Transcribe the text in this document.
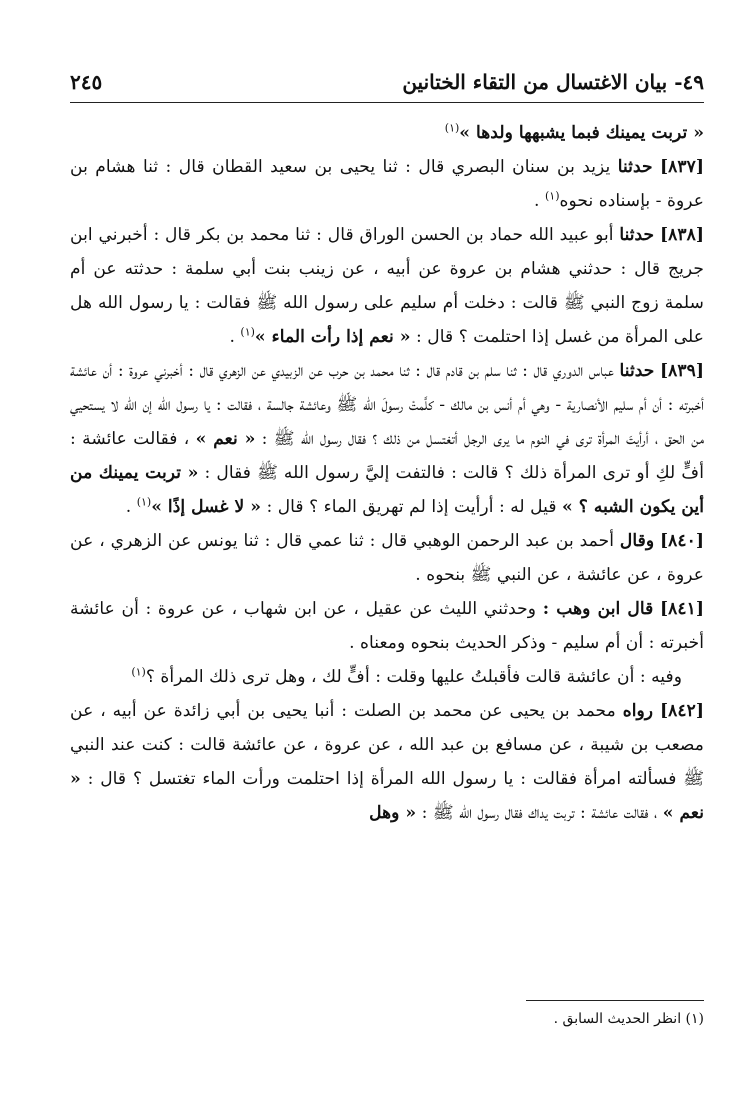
٤٩- بيان الاغتسال من التقاء الختانين
٢٤٥

« تربت يمينك فبما يشبهها ولدها »$^{(١)}$

[٨٣٧] حدثنا يزيد بن سنان البصري قال : ثنا يحيى بن سعيد القطان قال : ثنا هشام بن عروة - بإسناده نحوه$^{(١)}$ .

[٨٣٨] حدثنا أبو عبيد الله حماد بن الحسن الوراق قال : ثنا محمد بن بكر قال : أخبرني ابن جريج قال : حدثني هشام بن عروة عن أبيه ، عن زينب بنت أبي سلمة : حدثته عن أم سلمة زوج النبي ﷺ قالت : دخلت أم سليم على رسول الله ﷺ فقالت : يا رسول الله هل على المرأة من غسل إذا احتلمت ؟ قال : « نعم إذا رأت الماء »$^{(١)}$ .

[٨٣٩] حدثنا عباس الدوري قال : ثنا سلم بن قادم قال : ثنا محمد بن حرب عن الزبيدي عن الزهري قال : أخبرني عروة : أن عائشة أخبرته : أن أم سليم الأنصارية - وهي أم أنس بن مالك - كلَّمتْ رسولَ الله ﷺ وعائشة جالسة ، فقالت : يا رسول الله إن الله لا يستحيي من الحق ، أرأيتَ المرأة ترى في النوم ما يرى الرجل أتغتسل من ذلك ؟ فقال رسول الله ﷺ : « نعم » ، فقالت عائشة : أفٍّ لكِ أو ترى المرأة ذلك ؟ قالت : فالتفت إليَّ رسول الله ﷺ فقال : « تربت يمينك من أين يكون الشبه ؟ » قيل له : أرأيت إذا لم تهريق الماء ؟ قال : « لا غسل إذًا »$^{(١)}$ .

[٨٤٠] وقال أحمد بن عبد الرحمن الوهبي قال : ثنا عمي قال : ثنا يونس عن الزهري ، عن عروة ، عن عائشة ، عن النبي ﷺ بنحوه .

[٨٤١] قال ابن وهب : وحدثني الليث عن عقيل ، عن ابن شهاب ، عن عروة : أن عائشة أخبرته : أن أم سليم - وذكر الحديث بنحوه ومعناه .

وفيه : أن عائشة قالت فأقبلتُ عليها وقلت : أفٍّ لك ، وهل ترى ذلك المرأة ؟$^{(١)}$

[٨٤٢] رواه محمد بن يحيى عن محمد بن الصلت : أنبا يحيى بن أبي زائدة عن أبيه ، عن مصعب بن شيبة ، عن مسافع بن عبد الله ، عن عروة ، عن عائشة قالت : كنت عند النبي ﷺ فسألته امرأة فقالت : يا رسول الله المرأة إذا احتلمت ورأت الماء تغتسل ؟ قال : « نعم » ، فقالت عائشة : تربت يداك فقال رسول الله ﷺ : « وهل

(١) انظر الحديث السابق .
